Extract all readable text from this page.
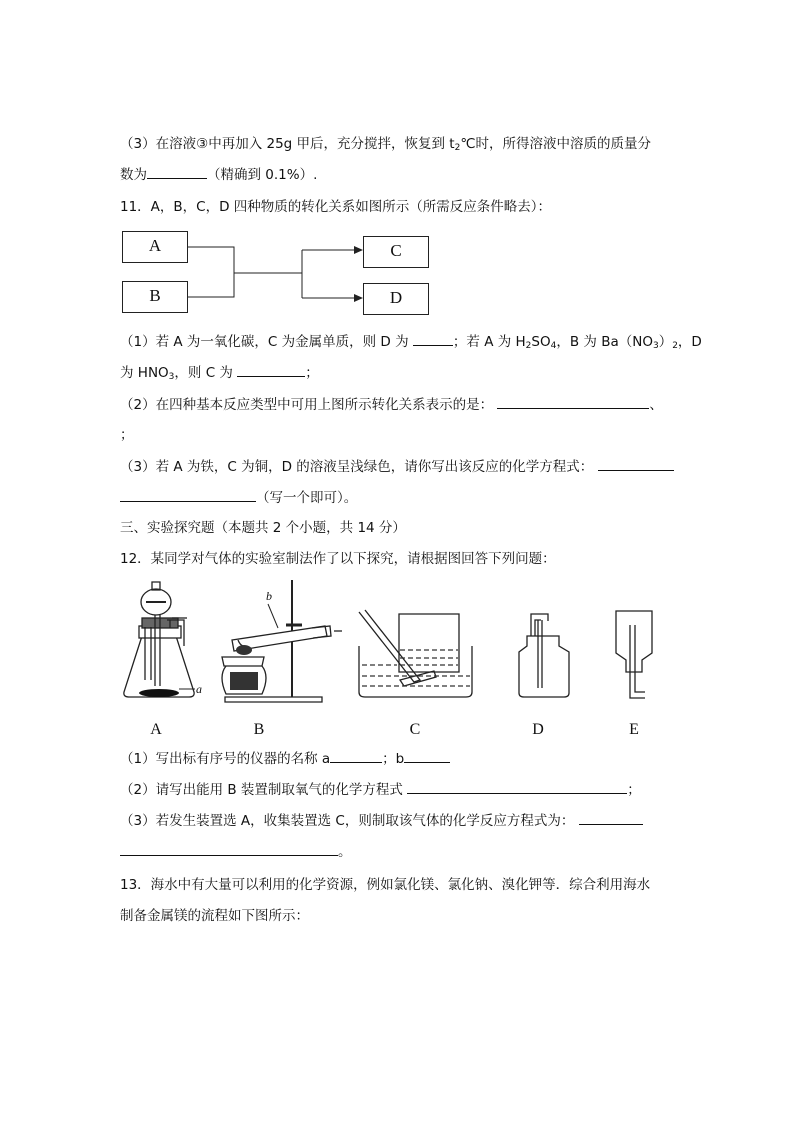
（3）在溶液③中再加入 25g 甲后，充分搅拌，恢复到 $t_2℃$时，所得溶液中溶质的质量分
数为	（精确到 0.1%）.
11．A，B，C，D 四种物质的转化关系如图所示（所需反应条件略去）：
A
B
C
D
a
b
A	B	C	D	E
（1）若 A 为一氧化碳，C 为金属单质，则 D 为	；若 A 为 $H_2SO_4$，B 为 $Ba(NO_3)_2$，D
为 $HNO_3$，则 C 为	；
（2）在四种基本反应类型中可用上图所示转化关系表示的是：	、
；
（3）若 A 为铁，C 为铜，D 的溶液呈浅绿色，请你写出该反应的化学方程式：
（写一个即可）。
三、实验探究题（本题共 2 个小题，共 14 分）
12．某同学对气体的实验室制法作了以下探究，请根据图回答下列问题：
（1）写出标有序号的仪器的名称 a	；b
（2）请写出能用 B 装置制取氧气的化学方程式	；
（3）若发生装置选 A，收集装置选 C，则制取该气体的化学反应方程式为：
。
13．海水中有大量可以利用的化学资源，例如氯化镁、氯化钠、溴化钾等．综合利用海水
制备金属镁的流程如下图所示：
